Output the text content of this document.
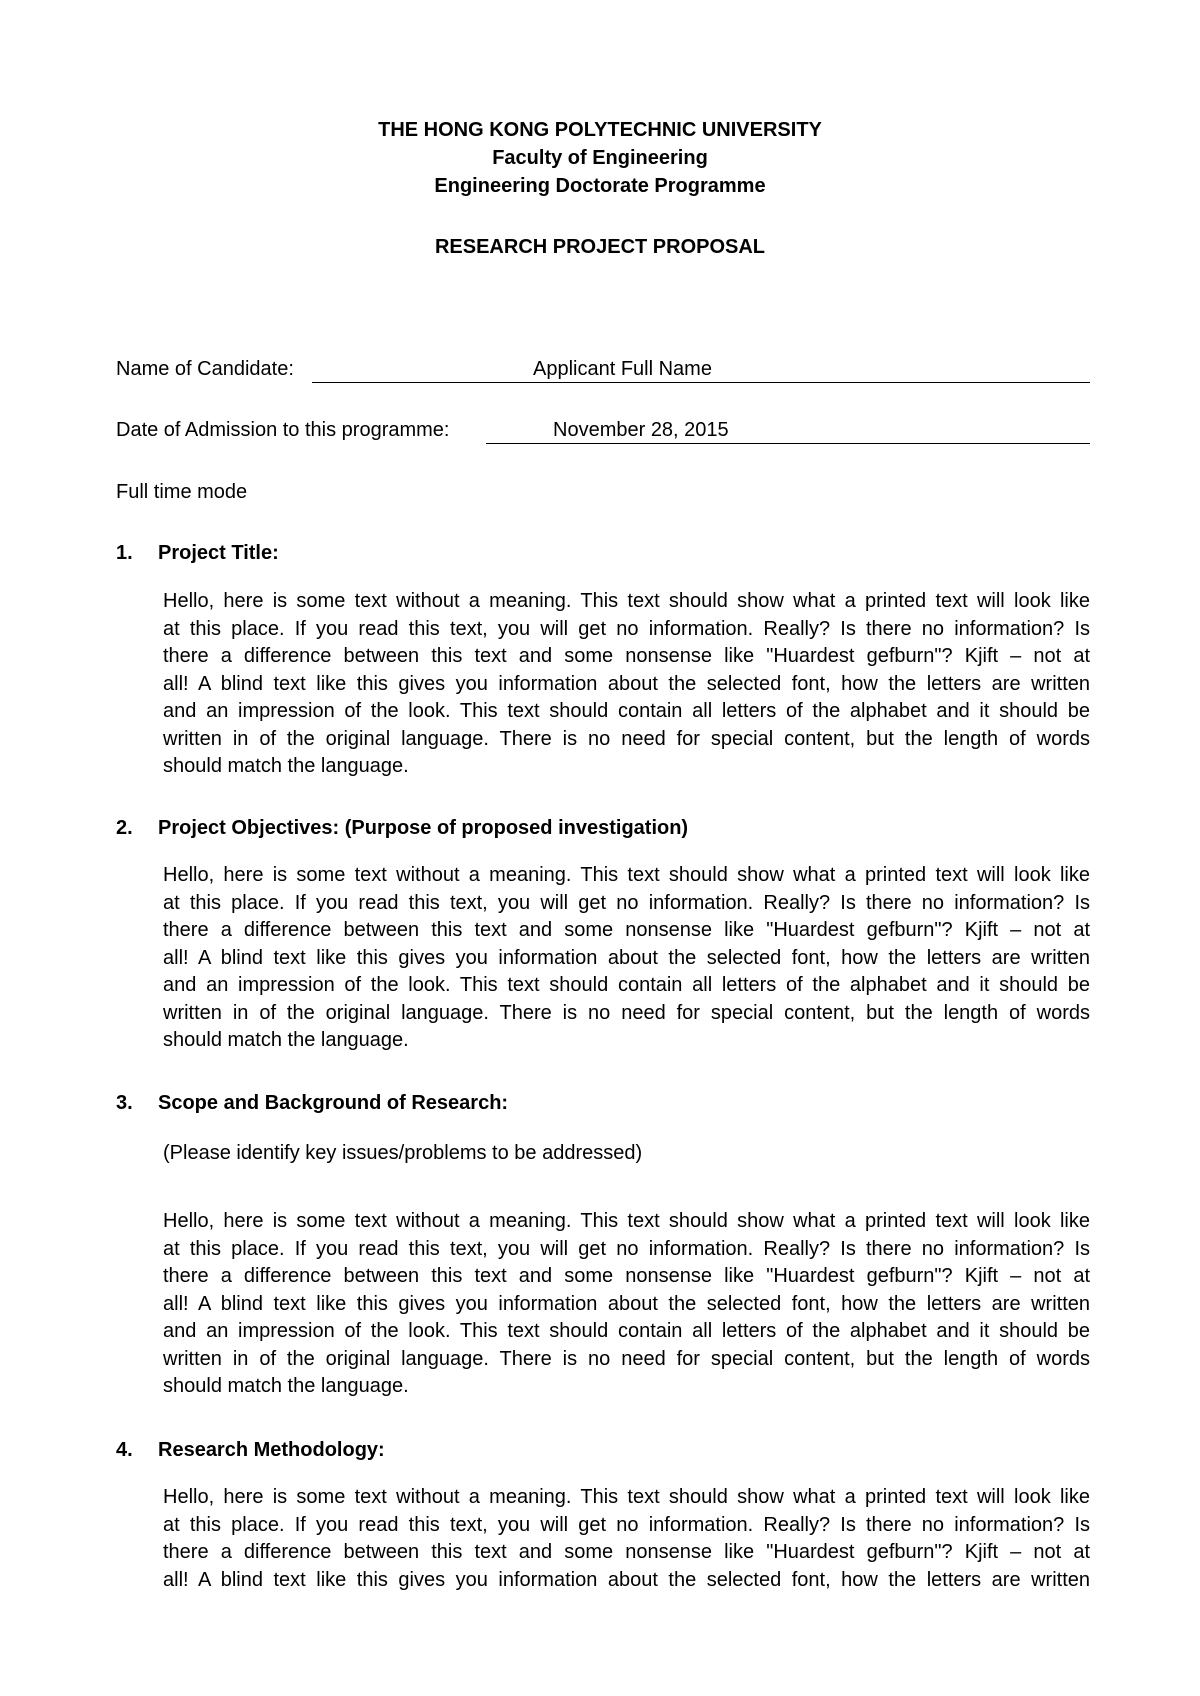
THE HONG KONG POLYTECHNIC UNIVERSITY
Faculty of Engineering
Engineering Doctorate Programme
RESEARCH PROJECT PROPOSAL
Name of Candidate:	Applicant Full Name
Date of Admission to this programme:	November 28, 2015
Full time mode
1. Project Title:
Hello, here is some text without a meaning. This text should show what a printed text will look like
at this place. If you read this text, you will get no information. Really? Is there no information? Is
there a difference between this text and some nonsense like "Huardest gefburn"? Kjift – not at
all! A blind text like this gives you information about the selected font, how the letters are written
and an impression of the look. This text should contain all letters of the alphabet and it should be
written in of the original language. There is no need for special content, but the length of words
should match the language.
2. Project Objectives: (Purpose of proposed investigation)
Hello, here is some text without a meaning. This text should show what a printed text will look like
at this place. If you read this text, you will get no information. Really? Is there no information? Is
there a difference between this text and some nonsense like "Huardest gefburn"? Kjift – not at
all! A blind text like this gives you information about the selected font, how the letters are written
and an impression of the look. This text should contain all letters of the alphabet and it should be
written in of the original language. There is no need for special content, but the length of words
should match the language.
3. Scope and Background of Research:
(Please identify key issues/problems to be addressed)
Hello, here is some text without a meaning. This text should show what a printed text will look like
at this place. If you read this text, you will get no information. Really? Is there no information? Is
there a difference between this text and some nonsense like "Huardest gefburn"? Kjift – not at
all! A blind text like this gives you information about the selected font, how the letters are written
and an impression of the look. This text should contain all letters of the alphabet and it should be
written in of the original language. There is no need for special content, but the length of words
should match the language.
4. Research Methodology:
Hello, here is some text without a meaning. This text should show what a printed text will look like
at this place. If you read this text, you will get no information. Really? Is there no information? Is
there a difference between this text and some nonsense like "Huardest gefburn"? Kjift – not at
all! A blind text like this gives you information about the selected font, how the letters are written
